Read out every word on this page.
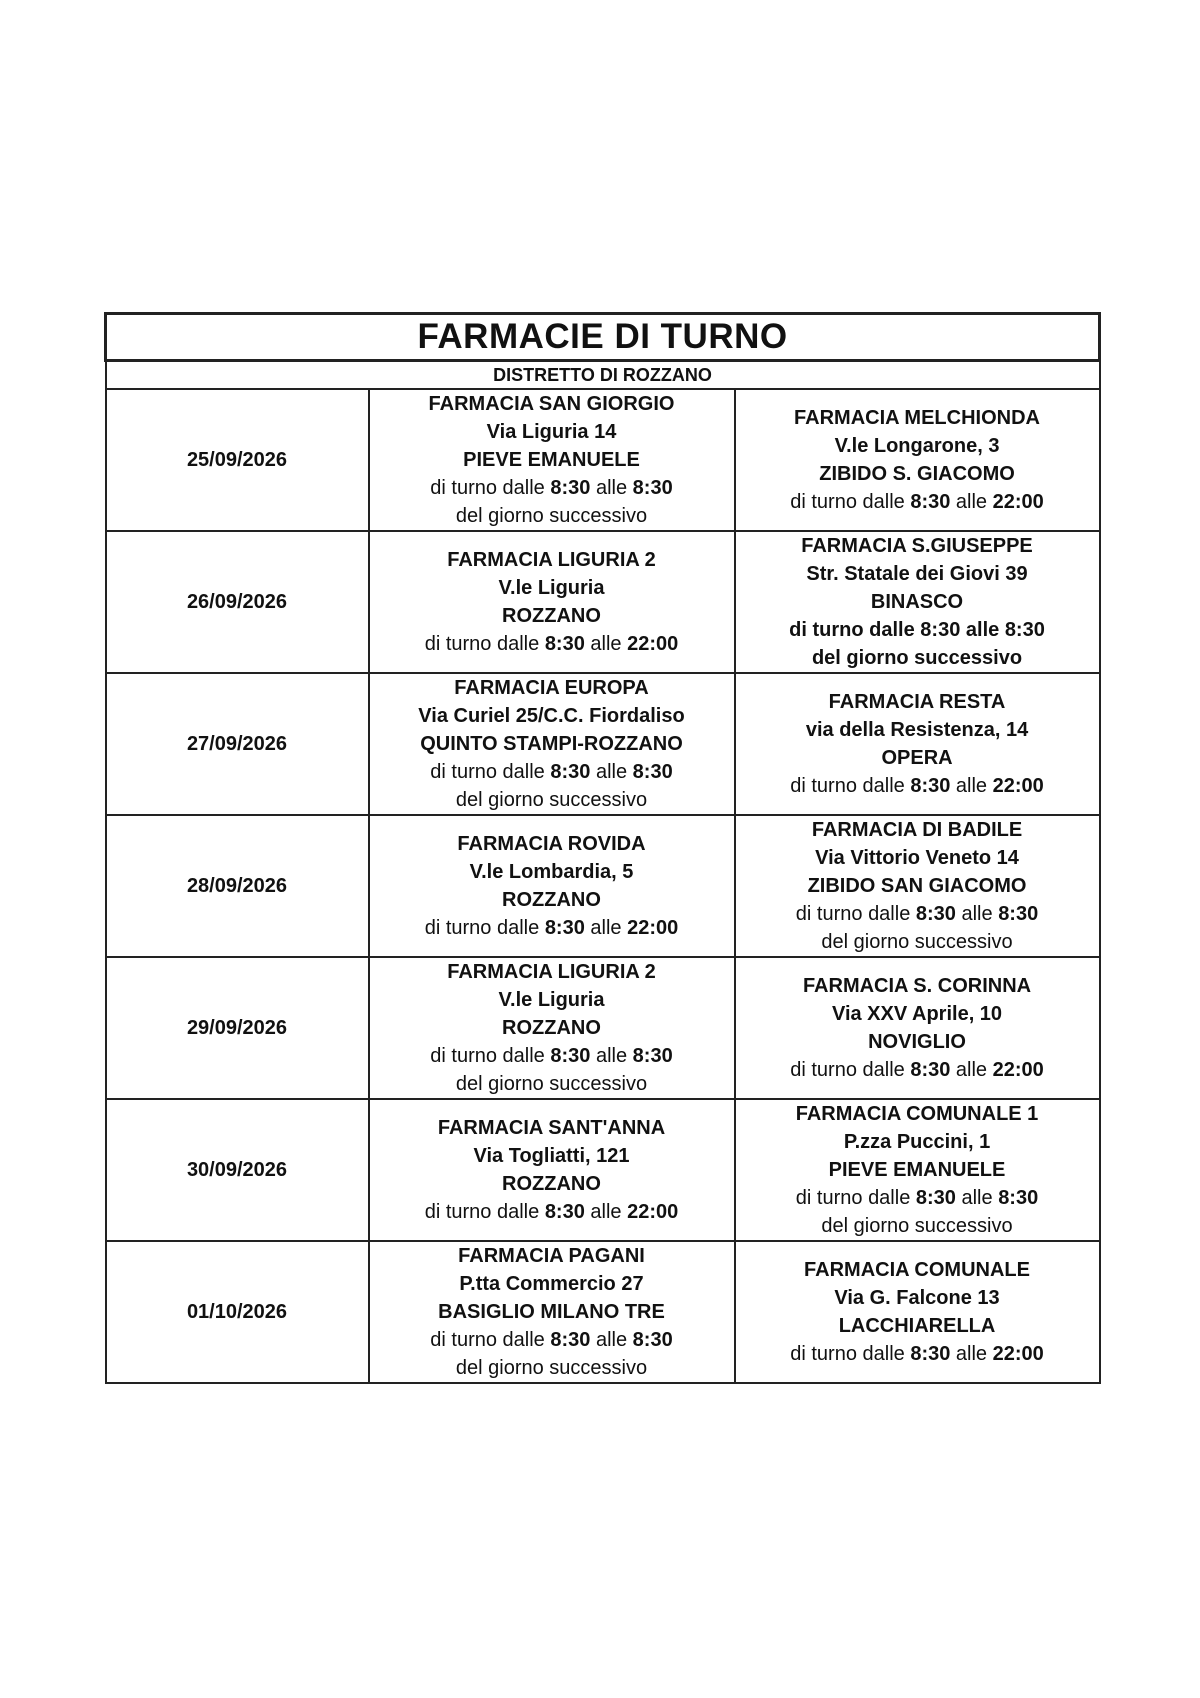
FARMACIE DI TURNO		
DISTRETTO DI ROZZANO		
25/09/2026	FARMACIA SAN GIORGIO
Via Liguria 14
PIEVE EMANUELE
di turno dalle 8:30 alle 8:30
del giorno successivo	FARMACIA MELCHIONDA
V.le Longarone, 3
ZIBIDO S. GIACOMO
di turno dalle 8:30 alle 22:00

26/09/2026	FARMACIA LIGURIA 2
V.le Liguria
ROZZANO
di turno dalle 8:30 alle 22:00	FARMACIA S.GIUSEPPE
Str. Statale dei Giovi 39
BINASCO
di turno dalle 8:30 alle 8:30
del giorno successivo

27/09/2026	FARMACIA EUROPA
Via Curiel 25/C.C. Fiordaliso
QUINTO STAMPI-ROZZANO
di turno dalle 8:30 alle 8:30
del giorno successivo	FARMACIA RESTA
via della Resistenza, 14
OPERA
di turno dalle 8:30 alle 22:00

28/09/2026	FARMACIA ROVIDA
V.le Lombardia, 5
ROZZANO
di turno dalle 8:30 alle 22:00	FARMACIA DI BADILE
Via Vittorio Veneto 14
ZIBIDO SAN GIACOMO
di turno dalle 8:30 alle 8:30
del giorno successivo

29/09/2026	FARMACIA LIGURIA 2
V.le Liguria
ROZZANO
di turno dalle 8:30 alle 8:30
del giorno successivo	FARMACIA S. CORINNA
Via XXV Aprile, 10
NOVIGLIO
di turno dalle 8:30 alle 22:00

30/09/2026	FARMACIA SANT'ANNA
Via Togliatti, 121
ROZZANO
di turno dalle 8:30 alle 22:00	FARMACIA COMUNALE 1
P.zza Puccini, 1
PIEVE EMANUELE
di turno dalle 8:30 alle 8:30
del giorno successivo

01/10/2026	FARMACIA PAGANI
P.tta Commercio 27
BASIGLIO MILANO TRE
di turno dalle 8:30 alle 8:30
del giorno successivo	FARMACIA COMUNALE
Via G. Falcone 13
LACCHIARELLA
di turno dalle 8:30 alle 22:00
